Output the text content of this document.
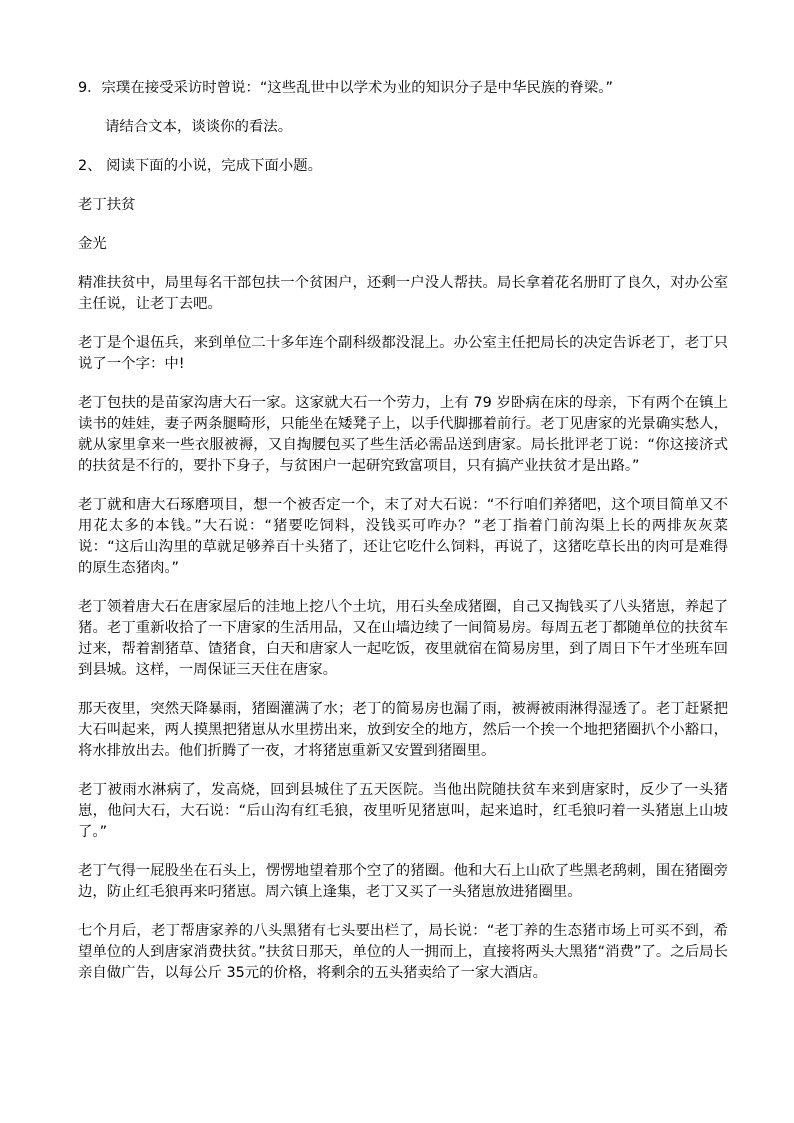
9．宗璞在接受采访时曾说：“这些乱世中以学术为业的知识分子是中华民族的脊梁。”

请结合文本，谈谈你的看法。

2、 阅读下面的小说，完成下面小题。

老丁扶贫

金光

精准扶贫中，局里每名干部包扶一个贫困户，还剩一户没人帮扶。局长拿着花名册盯了良久，对办公室主任说，让老丁去吧。

老丁是个退伍兵，来到单位二十多年连个副科级都没混上。办公室主任把局长的决定告诉老丁，老丁只说了一个字：中!

老丁包扶的是苗家沟唐大石一家。这家就大石一个劳力，上有 79 岁卧病在床的母亲，下有两个在镇上读书的娃娃，妻子两条腿畸形，只能坐在矮凳子上，以手代脚挪着前行。老丁见唐家的光景确实愁人，就从家里拿来一些衣服被褥，又自掏腰包买了些生活必需品送到唐家。局长批评老丁说：“你这接济式的扶贫是不行的，要扑下身子，与贫困户一起研究致富项目，只有搞产业扶贫才是出路。”

老丁就和唐大石琢磨项目，想一个被否定一个，末了对大石说：“不行咱们养猪吧，这个项目简单又不用花太多的本钱。”大石说：“猪要吃饲料，没钱买可咋办？”老丁指着门前沟渠上长的两排灰灰菜说：“这后山沟里的草就足够养百十头猪了，还让它吃什么饲料，再说了，这猪吃草长出的肉可是难得的原生态猪肉。”

老丁领着唐大石在唐家屋后的洼地上挖八个土坑，用石头垒成猪圈，自己又掏钱买了八头猪崽，养起了猪。老丁重新收拾了一下唐家的生活用品，又在山墙边续了一间简易房。每周五老丁都随单位的扶贫车过来，帮着割猪草、馇猪食，白天和唐家人一起吃饭，夜里就宿在简易房里，到了周日下午才坐班车回到县城。这样，一周保证三天住在唐家。

那天夜里，突然天降暴雨，猪圈灌满了水；老丁的简易房也漏了雨，被褥被雨淋得湿透了。老丁赶紧把大石叫起来，两人摸黑把猪崽从水里捞出来，放到安全的地方，然后一个挨一个地把猪圈扒个小豁口，将水排放出去。他们折腾了一夜，才将猪崽重新又安置到猪圈里。

老丁被雨水淋病了，发高烧，回到县城住了五天医院。当他出院随扶贫车来到唐家时，反少了一头猪崽，他问大石，大石说：“后山沟有红毛狼，夜里听见猪崽叫，起来追时，红毛狼叼着一头猪崽上山坡了。”

老丁气得一屁股坐在石头上，愣愣地望着那个空了的猪圈。他和大石上山砍了些黑老鸹刺，围在猪圈旁边，防止红毛狼再来叼猪崽。周六镇上逢集，老丁又买了一头猪崽放进猪圈里。

七个月后，老丁帮唐家养的八头黑猪有七头要出栏了，局长说：“老丁养的生态猪市场上可买不到，希望单位的人到唐家消费扶贫。”扶贫日那天，单位的人一拥而上，直接将两头大黑猪“消费”了。之后局长亲自做广告，以每公斤 35元的价格，将剩余的五头猪卖给了一家大酒店。
